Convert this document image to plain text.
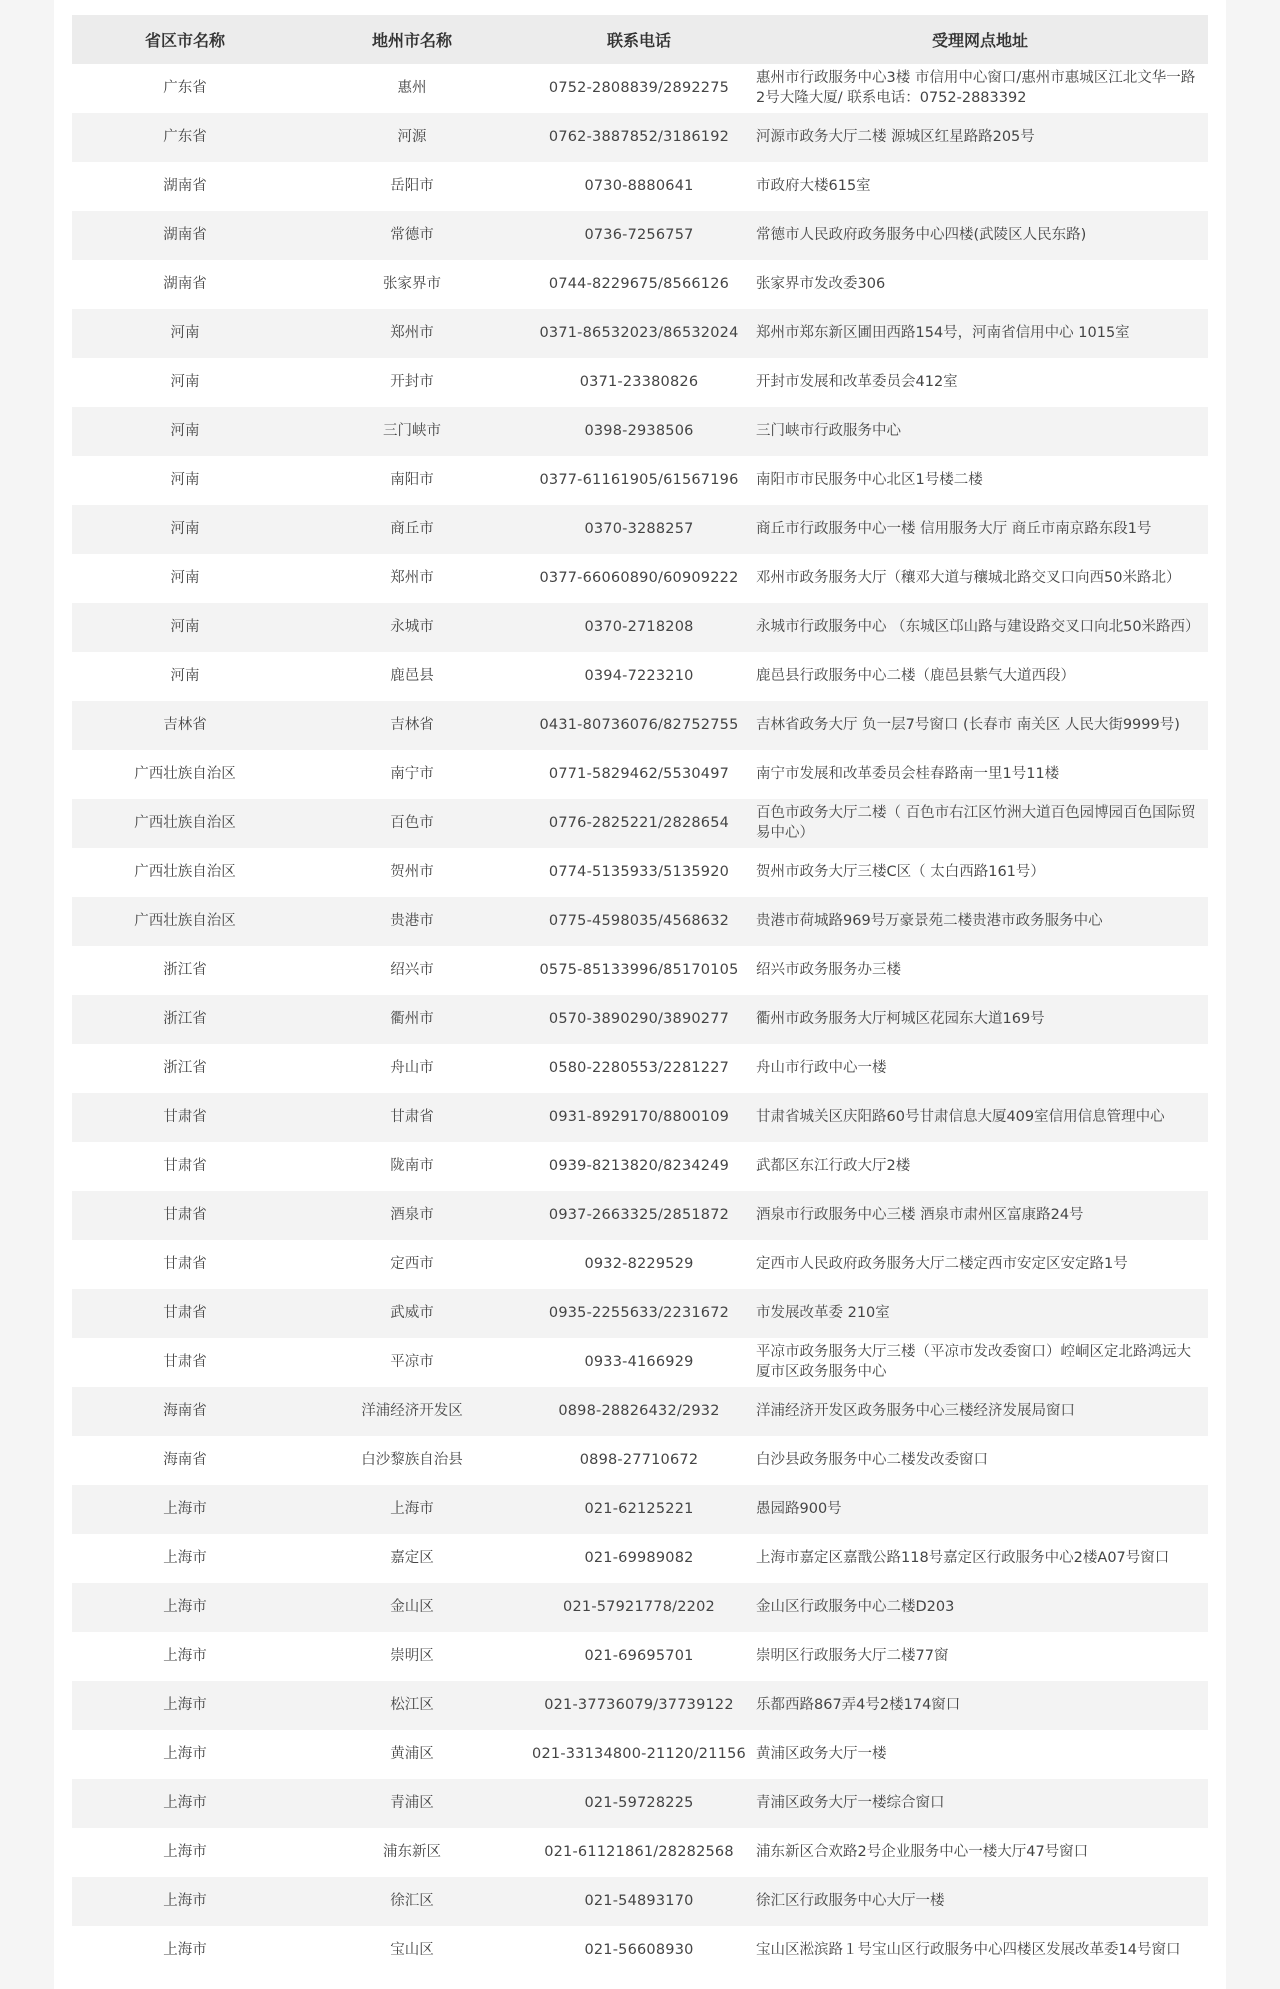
省区市名称	地州市名称	联系电话	受理网点地址
广东省	惠州	0752-2808839/2892275	惠州市行政服务中心3楼 市信用中心窗口/惠州市惠城区江北文华一路2号大隆大厦/ 联系电话：0752-2883392
广东省	河源	0762-3887852/3186192	河源市政务大厅二楼 源城区红星路路205号
湖南省	岳阳市	0730-8880641	市政府大楼615室
湖南省	常德市	0736-7256757	常德市人民政府政务服务中心四楼(武陵区人民东路)
湖南省	张家界市	0744-8229675/8566126	张家界市发改委306
河南	郑州市	0371-86532023/86532024	郑州市郑东新区圃田西路154号，河南省信用中心 1015室
河南	开封市	0371-23380826	开封市发展和改革委员会412室
河南	三门峡市	0398-2938506	三门峡市行政服务中心
河南	南阳市	0377-61161905/61567196	南阳市市民服务中心北区1号楼二楼
河南	商丘市	0370-3288257	商丘市行政服务中心一楼 信用服务大厅 商丘市南京路东段1号
河南	郑州市	0377-66060890/60909222	邓州市政务服务大厅（穰邓大道与穰城北路交叉口向西50米路北）
河南	永城市	0370-2718208	永城市行政服务中心 （东城区邙山路与建设路交叉口向北50米路西）
河南	鹿邑县	0394-7223210	鹿邑县行政服务中心二楼（鹿邑县紫气大道西段）
吉林省	吉林省	0431-80736076/82752755	吉林省政务大厅 负一层7号窗口 (长春市 南关区 人民大街9999号)
广西壮族自治区	南宁市	0771-5829462/5530497	南宁市发展和改革委员会桂春路南一里1号11楼
广西壮族自治区	百色市	0776-2825221/2828654	百色市政务大厅二楼（ 百色市右江区竹洲大道百色园博园百色国际贸易中心）
广西壮族自治区	贺州市	0774-5135933/5135920	贺州市政务大厅三楼C区（ 太白西路161号）
广西壮族自治区	贵港市	0775-4598035/4568632	贵港市荷城路969号万豪景苑二楼贵港市政务服务中心
浙江省	绍兴市	0575-85133996/85170105	绍兴市政务服务办三楼
浙江省	衢州市	0570-3890290/3890277	衢州市政务服务大厅柯城区花园东大道169号
浙江省	舟山市	0580-2280553/2281227	舟山市行政中心一楼
甘肃省	甘肃省	0931-8929170/8800109	甘肃省城关区庆阳路60号甘肃信息大厦409室信用信息管理中心
甘肃省	陇南市	0939-8213820/8234249	武都区东江行政大厅2楼
甘肃省	酒泉市	0937-2663325/2851872	酒泉市行政服务中心三楼 酒泉市肃州区富康路24号
甘肃省	定西市	0932-8229529	定西市人民政府政务服务大厅二楼定西市安定区安定路1号
甘肃省	武威市	0935-2255633/2231672	市发展改革委 210室
甘肃省	平凉市	0933-4166929	平凉市政务服务大厅三楼（平凉市发改委窗口）崆峒区定北路鸿远大厦市区政务服务中心
海南省	洋浦经济开发区	0898-28826432/2932	洋浦经济开发区政务服务中心三楼经济发展局窗口
海南省	白沙黎族自治县	0898-27710672	白沙县政务服务中心二楼发改委窗口
上海市	上海市	021-62125221	愚园路900号
上海市	嘉定区	021-69989082	上海市嘉定区嘉戬公路118号嘉定区行政服务中心2楼A07号窗口
上海市	金山区	021-57921778/2202	金山区行政服务中心二楼D203
上海市	崇明区	021-69695701	崇明区行政服务大厅二楼77窗
上海市	松江区	021-37736079/37739122	乐都西路867弄4号2楼174窗口
上海市	黄浦区	021-33134800-21120/21156	黄浦区政务大厅一楼
上海市	青浦区	021-59728225	青浦区政务大厅一楼综合窗口
上海市	浦东新区	021-61121861/28282568	浦东新区合欢路2号企业服务中心一楼大厅47号窗口
上海市	徐汇区	021-54893170	徐汇区行政服务中心大厅一楼
上海市	宝山区	021-56608930	宝山区淞滨路１号宝山区行政服务中心四楼区发展改革委14号窗口
